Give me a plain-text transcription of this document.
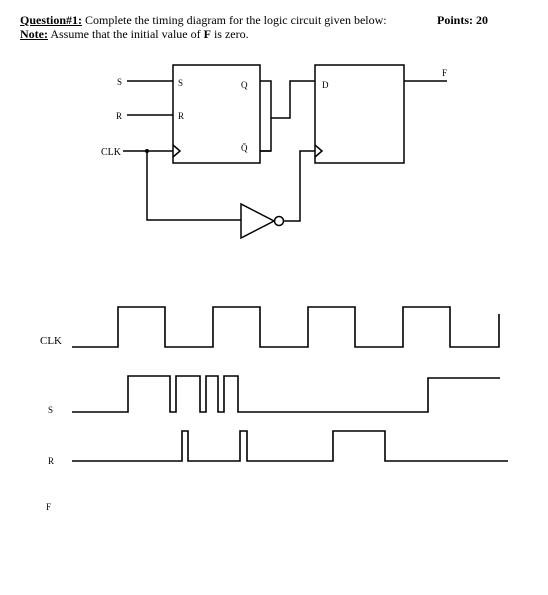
Question#1: Complete the timing diagram for the logic circuit given below:
Note: Assume that the initial value of F is zero.
Points: 20
S
R
CLK
S
R
Q
Q̄
D
F
CLK
S
R
F
